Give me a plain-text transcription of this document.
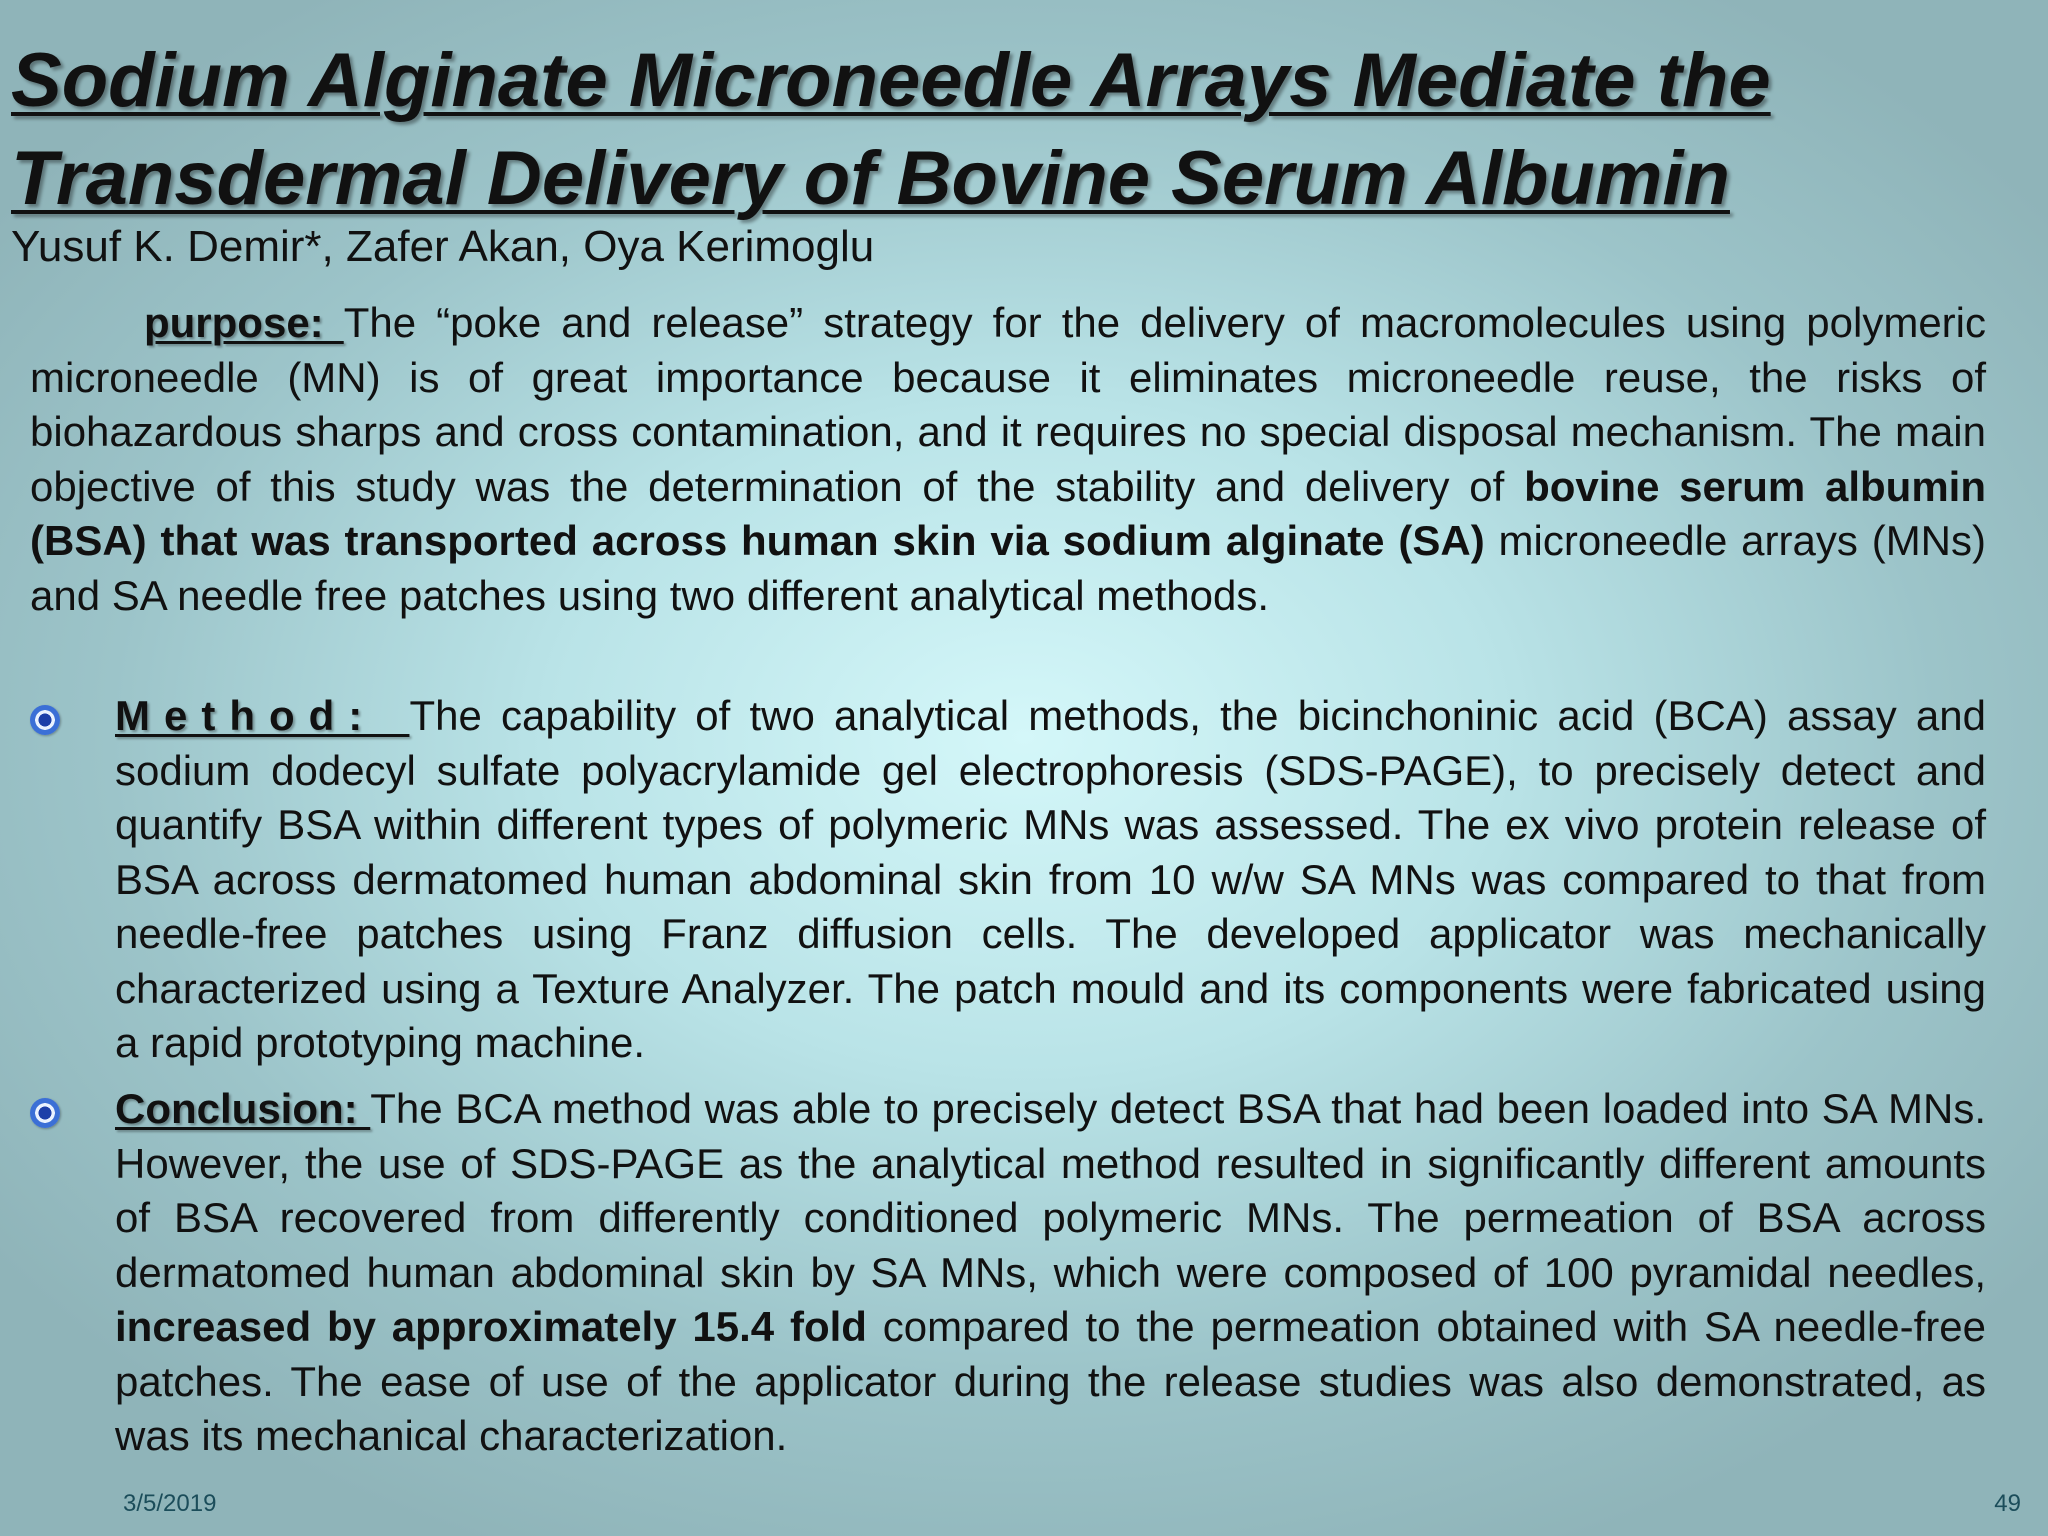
Sodium Alginate Microneedle Arrays Mediate the
Transdermal Delivery of Bovine Serum Albumin
Yusuf K. Demir*, Zafer Akan, Oya Kerimoglu

purpose: The “poke and release” strategy for the delivery of macromolecules using polymeric microneedle (MN) is of great importance because it eliminates microneedle reuse, the risks of biohazardous sharps and cross contamination, and it requires no special disposal mechanism. The main objective of this study was the determination of the stability and delivery of bovine serum albumin (BSA) that was transported across human skin via sodium alginate (SA) microneedle arrays (MNs) and SA needle free patches using two different analytical methods.

Method: The capability of two analytical methods, the bicinchoninic acid (BCA) assay and sodium dodecyl sulfate polyacrylamide gel electrophoresis (SDS-PAGE), to precisely detect and quantify BSA within different types of polymeric MNs was assessed. The ex vivo protein release of BSA across dermatomed human abdominal skin from 10 w/w SA MNs was compared to that from needle-free patches using Franz diffusion cells. The developed applicator was mechanically characterized using a Texture Analyzer. The patch mould and its components were fabricated using a rapid prototyping machine.

Conclusion: The BCA method was able to precisely detect BSA that had been loaded into SA MNs. However, the use of SDS-PAGE as the analytical method resulted in significantly different amounts of BSA recovered from differently conditioned polymeric MNs. The permeation of BSA across dermatomed human abdominal skin by SA MNs, which were composed of 100 pyramidal needles, increased by approximately 15.4 fold compared to the permeation obtained with SA needle-free patches. The ease of use of the applicator during the release studies was also demonstrated, as was its mechanical characterization.

3/5/2019	49
